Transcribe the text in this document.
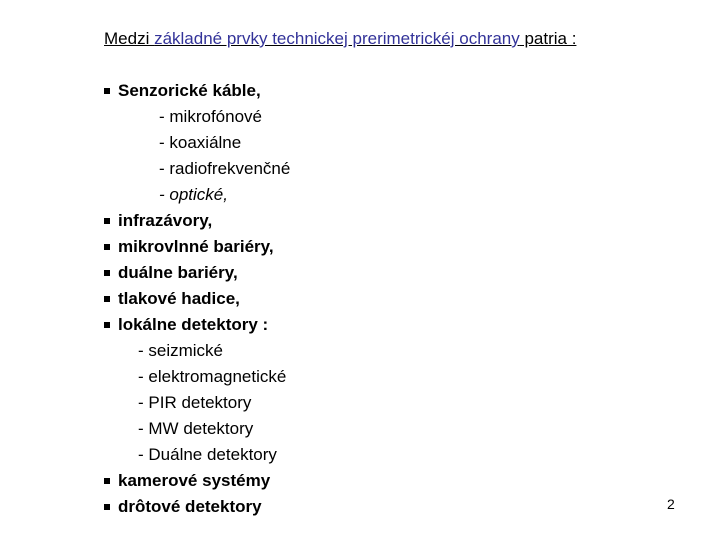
Medzi základné prvky technickej prerimetrickéj ochrany patria :
Senzorické káble,
- mikrofónové
- koaxiálne
- radiofrekvenčné
- optické,
infrazávory,
mikrovlnné bariéry,
duálne bariéry,
tlakové hadice,
lokálne detektory :
- seizmické
- elektromagnetické
- PIR detektory
- MW detektory
- Duálne detektory
kamerové systémy
drôtové detektory	2
